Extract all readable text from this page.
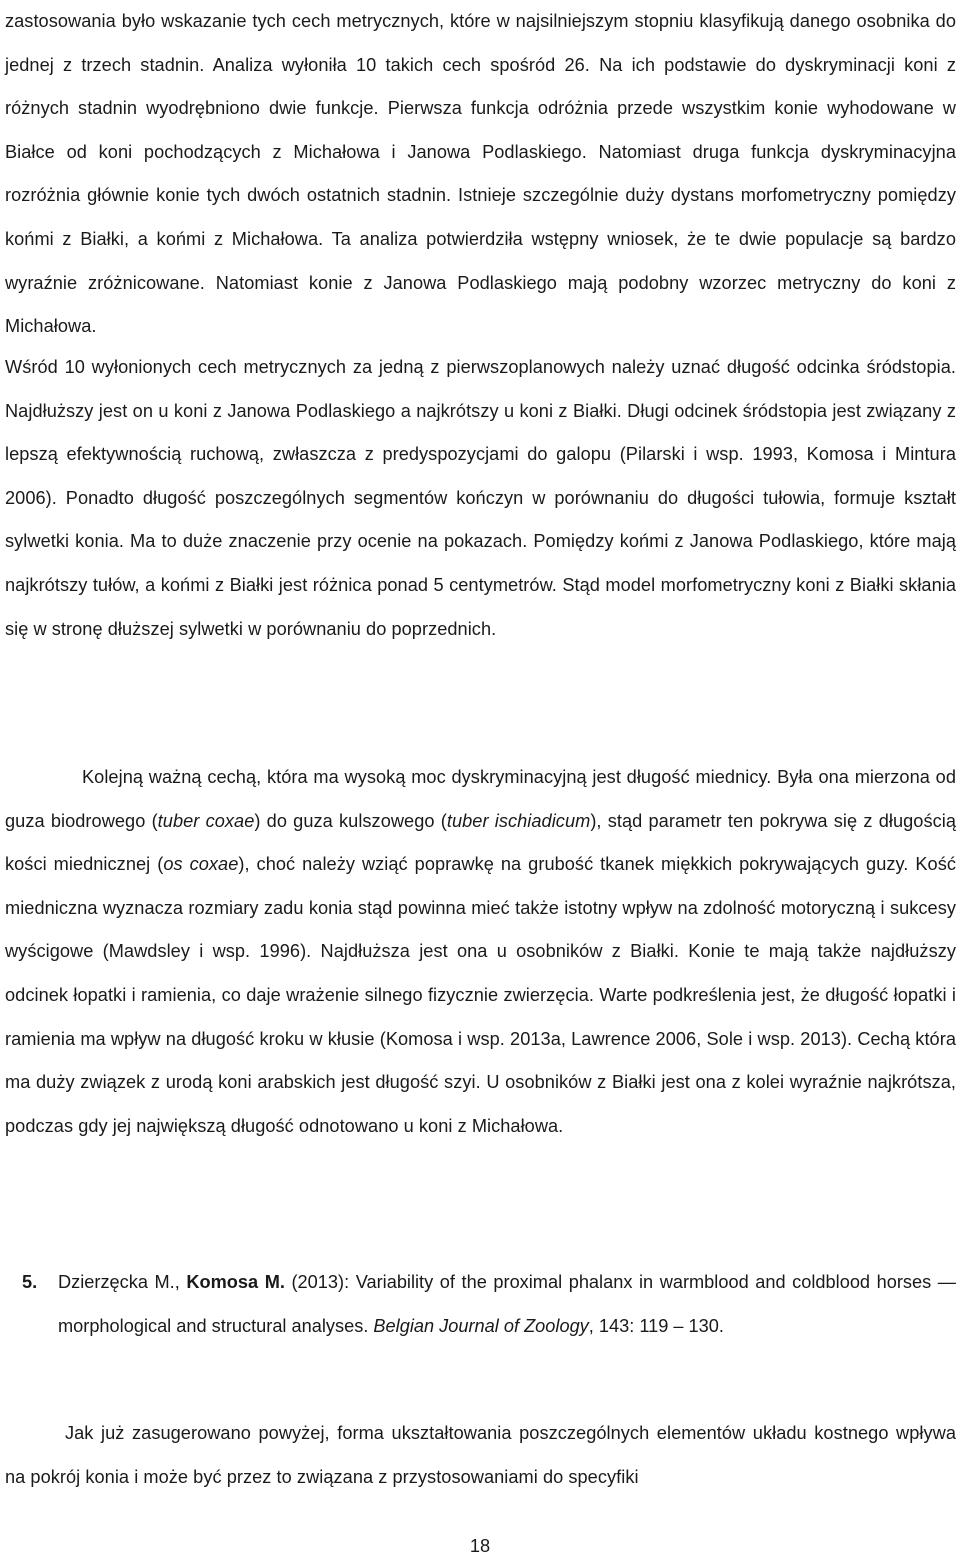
zastosowania było wskazanie tych cech metrycznych, które w najsilniejszym stopniu klasyfikują danego osobnika do jednej z trzech stadnin. Analiza wyłoniła 10 takich cech spośród 26. Na ich podstawie do dyskryminacji koni z różnych stadnin wyodrębniono dwie funkcje. Pierwsza funkcja odróżnia przede wszystkim konie wyhodowane w Białce od koni pochodzących z Michałowa i Janowa Podlaskiego. Natomiast druga funkcja dyskryminacyjna rozróżnia głównie konie tych dwóch ostatnich stadnin. Istnieje szczególnie duży dystans morfometryczny pomiędzy końmi z Białki, a końmi z Michałowa. Ta analiza potwierdziła wstępny wniosek, że te dwie populacje są bardzo wyraźnie zróżnicowane. Natomiast konie z Janowa Podlaskiego mają podobny wzorzec metryczny do koni z Michałowa.

Wśród 10 wyłonionych cech metrycznych za jedną z pierwszoplanowych należy uznać długość odcinka śródstopia. Najdłuższy jest on u koni z Janowa Podlaskiego a najkrótszy u koni z Białki. Długi odcinek śródstopia jest związany z lepszą efektywnością ruchową, zwłaszcza z predyspozycjami do galopu (Pilarski i wsp. 1993, Komosa i Mintura 2006). Ponadto długość poszczególnych segmentów kończyn w porównaniu do długości tułowia, formuje kształt sylwetki konia. Ma to duże znaczenie przy ocenie na pokazach. Pomiędzy końmi z Janowa Podlaskiego, które mają najkrótszy tułów, a końmi z Białki jest różnica ponad 5 centymetrów. Stąd model morfometryczny koni z Białki skłania się w stronę dłuższej sylwetki w porównaniu do poprzednich.

Kolejną ważną cechą, która ma wysoką moc dyskryminacyjną jest długość miednicy. Była ona mierzona od guza biodrowego (tuber coxae) do guza kulszowego (tuber ischiadicum), stąd parametr ten pokrywa się z długością kości miednicznej (os coxae), choć należy wziąć poprawkę na grubość tkanek miękkich pokrywających guzy. Kość miedniczna wyznacza rozmiary zadu konia stąd powinna mieć także istotny wpływ na zdolność motoryczną i sukcesy wyścigowe (Mawdsley i wsp. 1996). Najdłuższa jest ona u osobników z Białki. Konie te mają także najdłuższy odcinek łopatki i ramienia, co daje wrażenie silnego fizycznie zwierzęcia. Warte podkreślenia jest, że długość łopatki i ramienia ma wpływ na długość kroku w kłusie (Komosa i wsp. 2013a, Lawrence 2006, Sole i wsp. 2013). Cechą która ma duży związek z urodą koni arabskich jest długość szyi. U osobników z Białki jest ona z kolei wyraźnie najkrótsza, podczas gdy jej największą długość odnotowano u koni z Michałowa.

5.	Dzierzęcka M., Komosa M. (2013): Variability of the proximal phalanx in warmblood and coldblood horses — morphological and structural analyses. Belgian Journal of Zoology, 143: 119 – 130.

Jak już zasugerowano powyżej, forma ukształtowania poszczególnych elementów układu kostnego wpływa na pokrój konia i może być przez to związana z przystosowaniami do specyfiki

18
